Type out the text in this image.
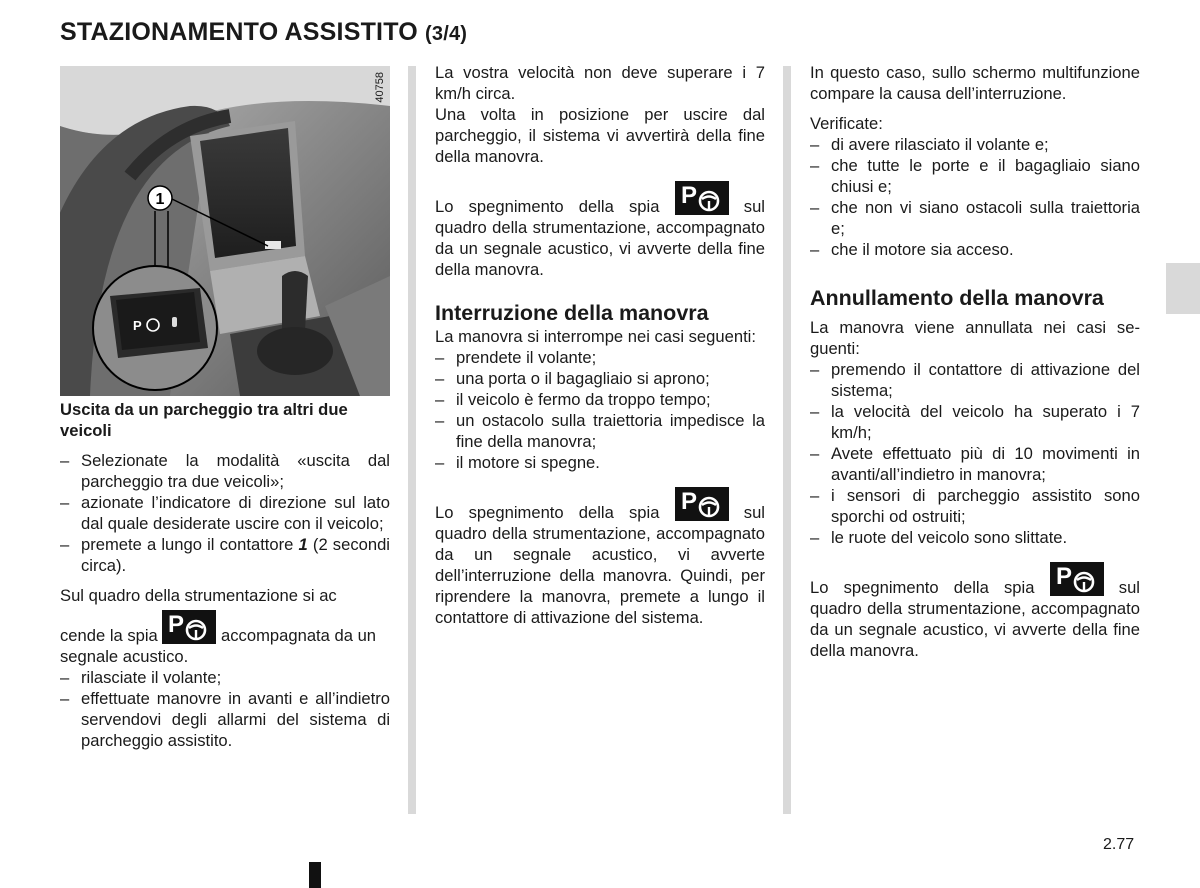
STAZIONAMENTO ASSISTITO (3/4)
1
P
40758

Uscita da un parcheggio tra altri due veicoli

– Selezionate la modalità «uscita dal parcheggio tra due veicoli»;
– azionate l’indicatore di direzione sul lato dal quale desiderate uscire con il veicolo;
– premete a lungo il contattore 1 (2 secondi circa).

Sul quadro della strumentazione si ac

cende la spia	accompagnata da un segnale acustico.

– rilasciate il volante;
– effettuate manovre in avanti e all’indietro servendovi degli allarmi del sistema di parcheggio assistito.

La vostra velocità non deve superare i 7 km/h circa.

Una volta in posizione per uscire dal parcheggio, il sistema vi avvertirà della fine della manovra.

Lo spegnimento della spia	sul quadro della strumentazione, accompagnato da un segnale acustico, vi avverte della fine della manovra.

Interruzione della manovra

La manovra si interrompe nei casi seguenti:

– prendete il volante;
– una porta o il bagagliaio si aprono;
– il veicolo è fermo da troppo tempo;
– un ostacolo sulla traiettoria impedisce la fine della manovra;
– il motore si spegne.

Lo spegnimento della spia	sul quadro della strumentazione, accompagnato da un segnale acustico, vi avverte dell’interruzione della manovra. Quindi, per riprendere la manovra, premete a lungo il contattore di attivazione del sistema.

In questo caso, sullo schermo multifunzione compare la causa dell’interruzione.

Verificate:

– di avere rilasciato il volante e;
– che tutte le porte e il bagagliaio siano chiusi e;
– che non vi siano ostacoli sulla traiettoria e;
– che il motore sia acceso.
Annullamento della manovra

La manovra viene annullata nei casi seguenti:

– premendo il contattore di attivazione del sistema;
– la velocità del veicolo ha superato i 7 km/h;
– Avete effettuato più di 10 movimenti in avanti/all’indietro in manovra;
– i sensori di parcheggio assistito sono sporchi od ostruiti;
– le ruote del veicolo sono slittate.

Lo spegnimento della spia	sul quadro della strumentazione, accompagnato da un segnale acustico, vi avverte della fine della manovra.

2.77
